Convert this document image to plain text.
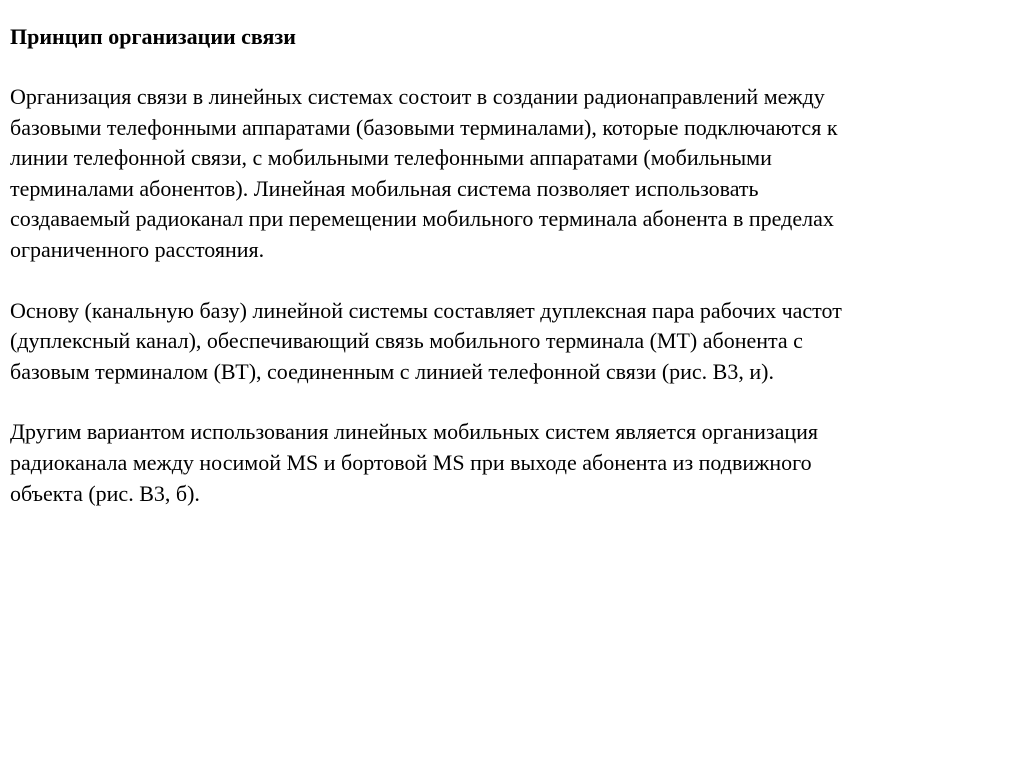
Принцип организации связи
Организация связи в линейных системах состоит в создании радионаправлений между
базовыми телефонными аппаратами (базовыми терминалами), которые подключаются к
линии телефонной связи, с мобильными телефонными аппаратами (мобильными
терминалами абонентов). Линейная мобильная система позволяет использовать
создаваемый радиоканал при перемещении мобильного терминала абонента в пределах
ограниченного расстояния.
Основу (канальную базу) линейной системы составляет дуплексная пара рабочих частот
(дуплексный канал), обеспечивающий связь мобильного терминала (МТ) абонента с
базовым терминалом (ВТ), соединенным с линией телефонной связи (рис. В3, и).
Другим вариантом использования линейных мобильных систем является организация
радиоканала между носимой MS и бортовой MS при выходе абонента из подвижного
объекта (рис. В3, б).
